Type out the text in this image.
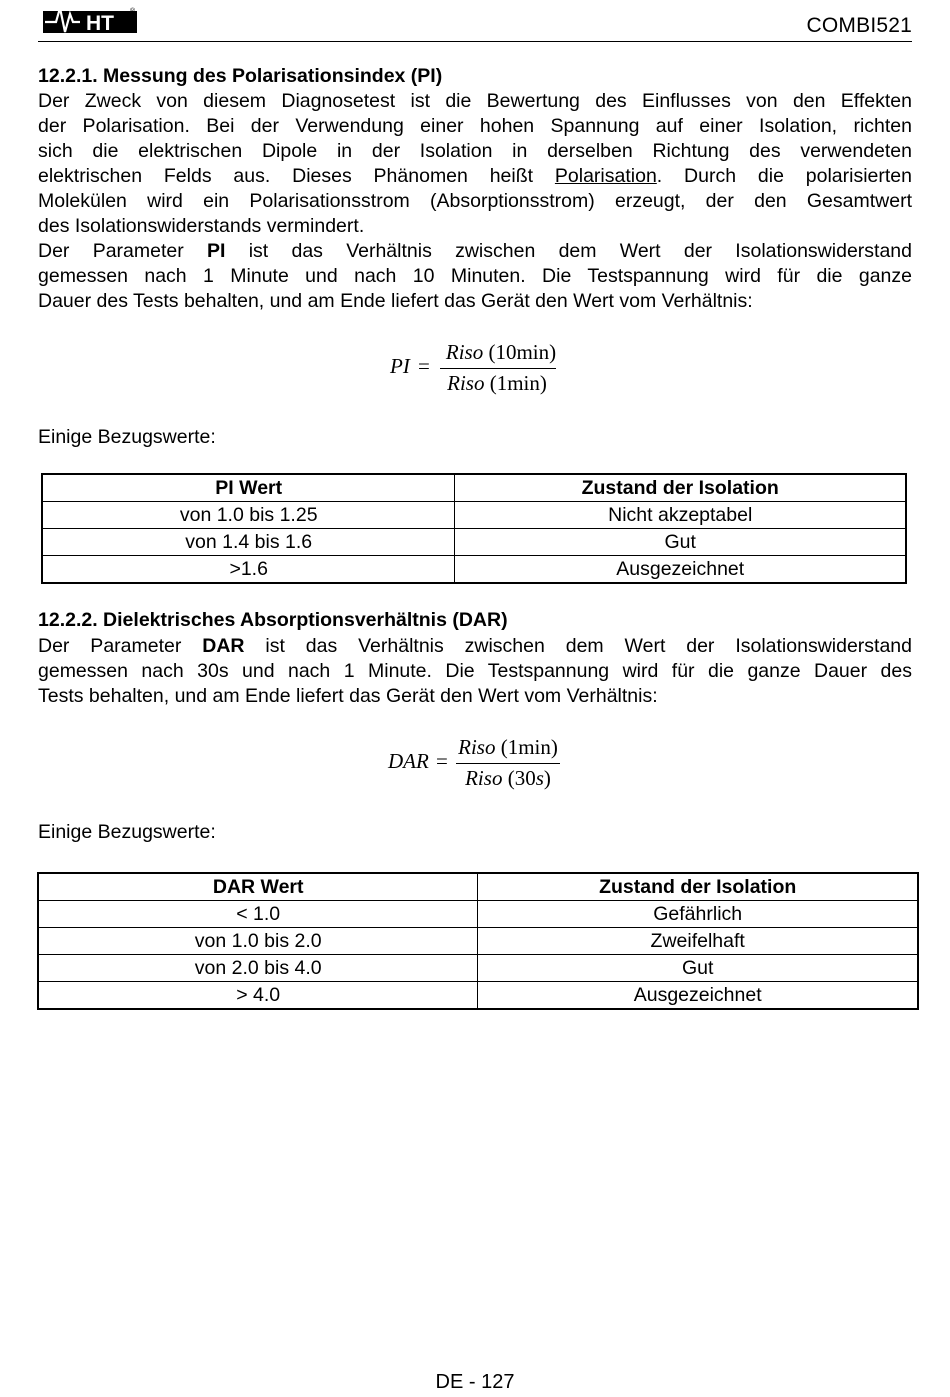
HT
®
COMBI521
12.2.1. Messung des Polarisationsindex (PI)
Der Zweck von diesem Diagnosetest ist die Bewertung des Einflusses von den Effekten
der Polarisation. Bei der Verwendung einer hohen Spannung auf einer Isolation, richten
sich die elektrischen Dipole in der Isolation in derselben Richtung des verwendeten
elektrischen Felds aus. Dieses Phänomen heißt Polarisation. Durch die polarisierten
Molekülen wird ein Polarisationsstrom (Absorptionsstrom) erzeugt, der den Gesamtwert
des Isolationswiderstands vermindert.
Der Parameter PI ist das Verhältnis zwischen dem Wert der Isolationswiderstand
gemessen nach 1 Minute und nach 10 Minuten. Die Testspannung wird für die ganze
Dauer des Tests behalten, und am Ende liefert das Gerät den Wert vom Verhältnis:
PI =
Riso (10min)
Riso (1min)
Einige Bezugswerte:
PI Wert	Zustand der Isolation
von 1.0 bis 1.25	Nicht akzeptabel
von 1.4 bis 1.6	Gut
>1.6	Ausgezeichnet
12.2.2. Dielektrisches Absorptionsverhältnis (DAR)
Der Parameter DAR ist das Verhältnis zwischen dem Wert der Isolationswiderstand
gemessen nach 30s und nach 1 Minute. Die Testspannung wird für die ganze Dauer des
Tests behalten, und am Ende liefert das Gerät den Wert vom Verhältnis:
DAR =
Riso (1min)
Riso (30s)
Einige Bezugswerte:
DAR Wert	Zustand der Isolation
< 1.0	Gefährlich
von 1.0 bis 2.0	Zweifelhaft
von 2.0 bis 4.0	Gut
> 4.0	Ausgezeichnet
DE - 127
